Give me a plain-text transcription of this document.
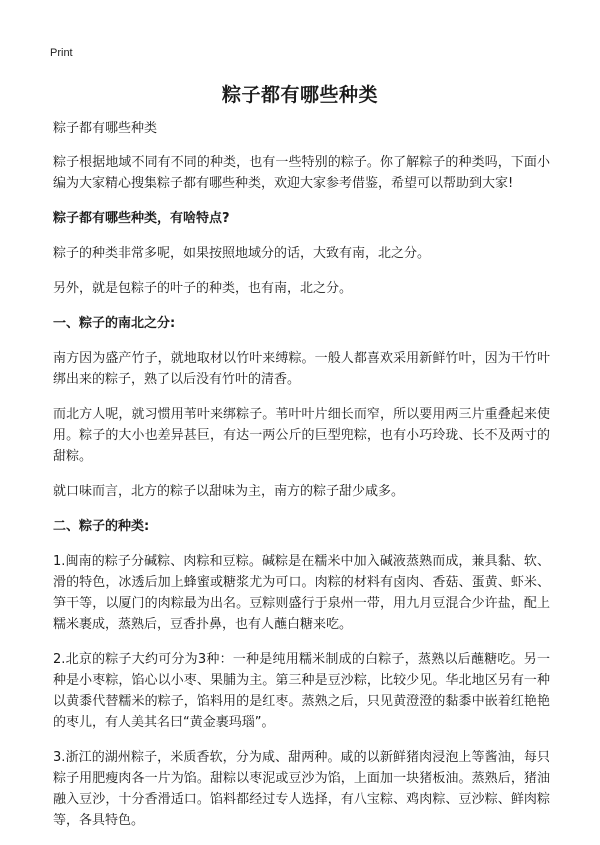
Print
粽子都有哪些种类

粽子都有哪些种类

粽子根据地域不同有不同的种类，也有一些特别的粽子。你了解粽子的种类吗，下面小编为大家精心搜集粽子都有哪些种类，欢迎大家参考借鉴，希望可以帮助到大家!

粽子都有哪些种类，有啥特点?

粽子的种类非常多呢，如果按照地域分的话，大致有南，北之分。

另外，就是包粽子的叶子的种类，也有南，北之分。

一、粽子的南北之分:

南方因为盛产竹子，就地取材以竹叶来缚粽。一般人都喜欢采用新鲜竹叶，因为干竹叶绑出来的粽子，熟了以后没有竹叶的清香。

而北方人呢，就习惯用苇叶来绑粽子。苇叶叶片细长而窄，所以要用两三片重叠起来使用。粽子的大小也差异甚巨，有达一两公斤的巨型兜粽，也有小巧玲珑、长不及两寸的甜粽。

就口味而言，北方的粽子以甜味为主，南方的粽子甜少咸多。

二、粽子的种类:

1.闽南的粽子分碱粽、肉粽和豆粽。碱粽是在糯米中加入碱液蒸熟而成，兼具黏、软、滑的特色，冰透后加上蜂蜜或糖浆尤为可口。肉粽的材料有卤肉、香菇、蛋黄、虾米、笋干等，以厦门的肉粽最为出名。豆粽则盛行于泉州一带，用九月豆混合少许盐，配上糯米裹成，蒸熟后，豆香扑鼻，也有人蘸白糖来吃。

2.北京的粽子大约可分为3种：一种是纯用糯米制成的白粽子，蒸熟以后蘸糖吃。另一种是小枣粽，馅心以小枣、果脯为主。第三种是豆沙粽，比较少见。华北地区另有一种以黄黍代替糯米的粽子，馅料用的是红枣。蒸熟之后，只见黄澄澄的黏黍中嵌着红艳艳的枣儿，有人美其名曰“黄金裹玛瑙”。

3.浙江的湖州粽子，米质香软，分为咸、甜两种。咸的以新鲜猪肉浸泡上等酱油，每只粽子用肥瘦肉各一片为馅。甜粽以枣泥或豆沙为馅，上面加一块猪板油。蒸熟后，猪油融入豆沙，十分香滑适口。馅料都经过专人选择，有八宝粽、鸡肉粽、豆沙粽、鲜肉粽等，各具特色。
